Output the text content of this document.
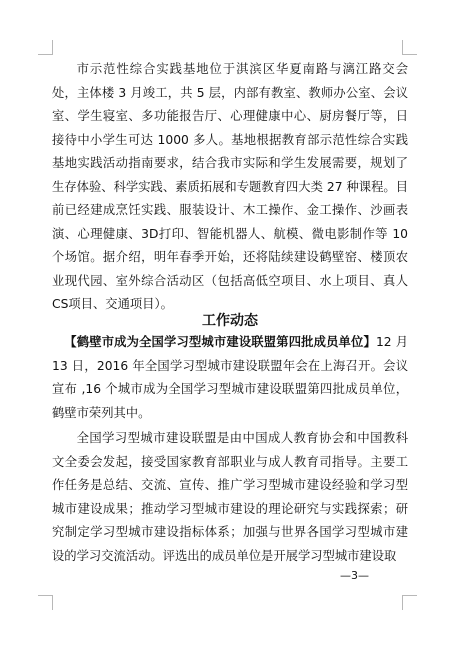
市示范性综合实践基地位于淇滨区华夏南路与漓江路交会处，主体楼 3 月竣工，共 5 层，内部有教室、教师办公室、会议室、学生寝室、多功能报告厅、心理健康中心、厨房餐厅等，日接待中小学生可达 1000 多人。基地根据教育部示范性综合实践基地实践活动指南要求，结合我市实际和学生发展需要，规划了生存体验、科学实践、素质拓展和专题教育四大类 27 种课程。目前已经建成烹饪实践、服装设计、木工操作、金工操作、沙画表演、心理健康、3D打印、智能机器人、航模、微电影制作等 10 个场馆。据介绍，明年春季开始，还将陆续建设鹤壁窑、楼顶农业现代园、室外综合活动区（包括高低空项目、水上项目、真人 CS项目、交通项目）。

工作动态

【鹤壁市成为全国学习型城市建设联盟第四批成员单位】12 月 13 日，2016 年全国学习型城市建设联盟年会在上海召开。会议宣布 ,16 个城市成为全国学习型城市建设联盟第四批成员单位，鹤壁市荣列其中。

全国学习型城市建设联盟是由中国成人教育协会和中国教科文全委会发起，接受国家教育部职业与成人教育司指导。主要工作任务是总结、交流、宣传、推广学习型城市建设经验和学习型城市建设成果；推动学习型城市建设的理论研究与实践探索；研究制定学习型城市建设指标体系；加强与世界各国学习型城市建设的学习交流活动。评选出的成员单位是开展学习型城市建设取

—3—
